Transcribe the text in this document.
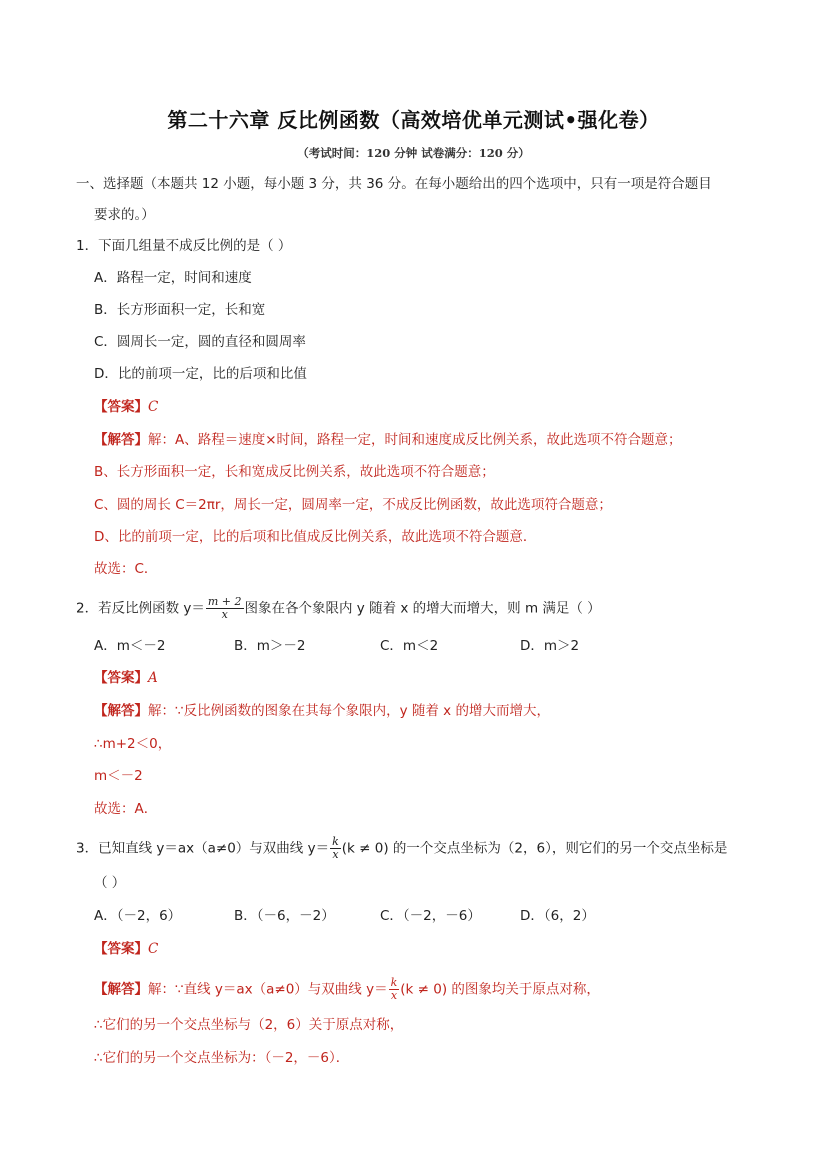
第二十六章 反比例函数（高效培优单元测试•强化卷）
（考试时间：120 分钟 试卷满分：120 分）
一、选择题（本题共 12 小题，每小题 3 分，共 36 分。在每小题给出的四个选项中，只有一项是符合题目
要求的。）
1．下面几组量不成反比例的是（ ）
A．路程一定，时间和速度
B．长方形面积一定，长和宽
C．圆周长一定，圆的直径和圆周率
D．比的前项一定，比的后项和比值
【答案】C
【解答】解：A、路程＝速度×时间，路程一定，时间和速度成反比例关系，故此选项不符合题意；
B、长方形面积一定，长和宽成反比例关系，故此选项不符合题意；
C、圆的周长 C＝2πr，周长一定，圆周率一定，不成反比例函数，故此选项符合题意；
D、比的前项一定，比的后项和比值成反比例关系，故此选项不符合题意．
故选：C．
2．若反比例函数 $y= \frac{m + 2}{x}$ 图象在各个象限内 y 随着 x 的增大而增大，则 m 满足（ ）
A．m＜－2	B．m＞－2	C．m＜2	D．m＞2
【答案】A
【解答】解：∵反比例函数的图象在其每个象限内，y 随着 x 的增大而增大，
∴m+2＜0，
m＜－2
故选：A．
3．已知直线 y＝ax（a≠0）与双曲线 $y= \frac{k}{x} (k \ne 0)$ 的一个交点坐标为（2，6），则它们的另一个交点坐标是
（ ）
A．（－2，6）	B．（－6，－2）	C．（－2，－6）	D．（6，2）
【答案】C
【解答】解：∵直线 y＝ax（a≠0）与双曲线 $y= \frac{k}{x} (k \ne 0)$ 的图象均关于原点对称，
∴它们的另一个交点坐标与（2，6）关于原点对称，
∴它们的另一个交点坐标为：（－2，－6）．
